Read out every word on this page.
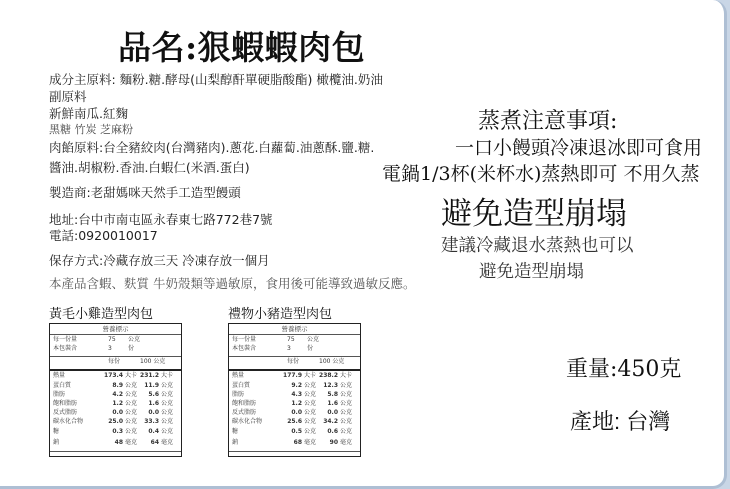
品名:狠蝦蝦肉包
成分主原料: 麵粉.糖.酵母(山梨醇酐單硬脂酸酯) 橄欖油.奶油
副原料
新鮮南瓜.紅麴
黑糖 竹炭 芝麻粉
肉餡原料:台全豬絞肉(台灣豬肉).蔥花.白蘿蔔.油蔥酥.鹽.糖.
醬油.胡椒粉.香油.白蝦仁(米酒.蛋白)
製造商:老甜媽咪天然手工造型饅頭
地址:台中市南屯區永春東七路772巷7號
電話:0920010017
保存方式:冷藏存放三天 冷凍存放一個月
本產品含蝦、麩質 牛奶殼類等過敏原，食用後可能導致過敏反應。
蒸煮注意事項:
一口小饅頭冷凍退冰即可食用
電鍋1/3杯(米杯水)蒸熱即可 不用久蒸
避免造型崩塌
建議冷藏退水蒸熱也可以
避免造型崩塌
黃毛小雞造型肉包	禮物小豬造型肉包
營養標示
每一份量	75 公克
本包裝含	3	份
每份	100 公克
熱量	173.4 大卡 231.2 大卡
蛋白質	8.9 公克	11.9 公克
脂肪	4.2 公克	5.6 公克
飽和脂肪	1.2 公克	1.6 公克
反式脂肪	0.0 公克	0.0 公克
碳水化合物	25.0 公克	33.3 公克
糖	0.3 公克	0.4 公克
鈉	48 毫克	64 毫克
營養標示
每一份量	75 公克
本包裝含	3	份
每份	100 公克
熱量	177.9 大卡 238.2 大卡
蛋白質	9.2 公克	12.3 公克
脂肪	4.3 公克	5.8 公克
飽和脂肪	1.2 公克	1.6 公克
反式脂肪	0.0 公克	0.0 公克
碳水化合物	25.6 公克	34.2 公克
糖	0.5 公克	0.6 公克
鈉	68 毫克	90 毫克
重量:450克
產地: 台灣
